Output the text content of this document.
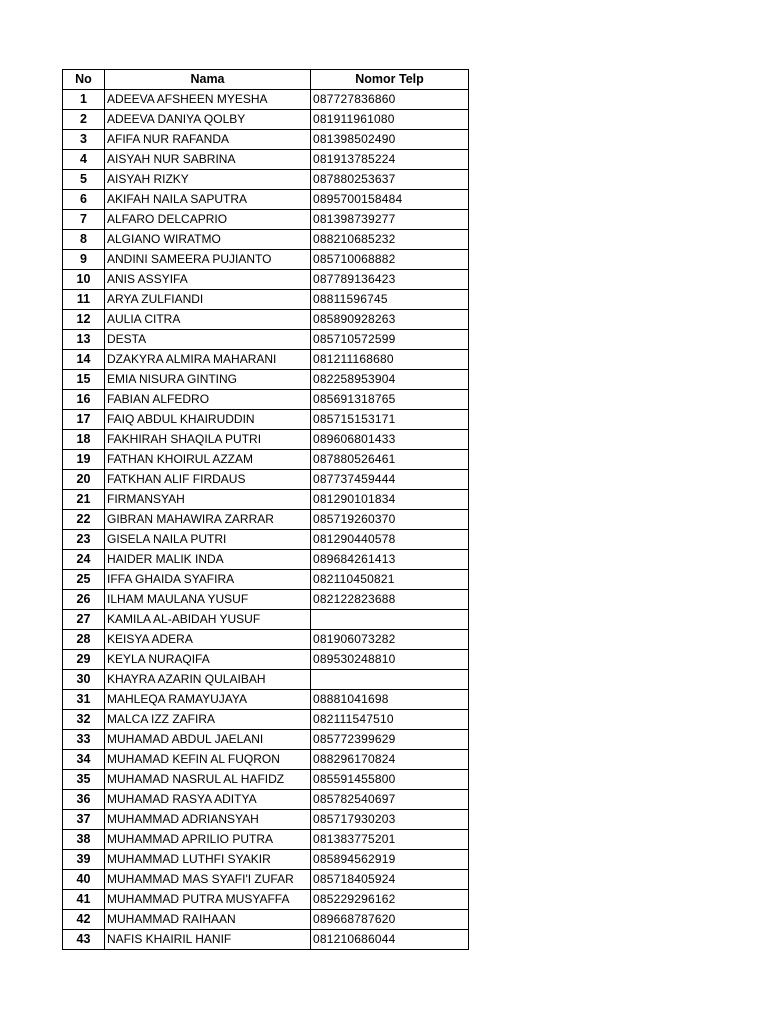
No	Nama	Nomor Telp
1	ADEEVA AFSHEEN MYESHA	087727836860
2	ADEEVA DANIYA QOLBY	081911961080
3	AFIFA NUR RAFANDA	081398502490
4	AISYAH NUR SABRINA	081913785224
5	AISYAH RIZKY	087880253637
6	AKIFAH NAILA SAPUTRA	0895700158484
7	ALFARO DELCAPRIO	081398739277
8	ALGIANO WIRATMO	088210685232
9	ANDINI SAMEERA PUJIANTO	085710068882
10	ANIS ASSYIFA	087789136423
11	ARYA ZULFIANDI	08811596745
12	AULIA CITRA	085890928263
13	DESTA	085710572599
14	DZAKYRA ALMIRA MAHARANI	081211168680
15	EMIA NISURA GINTING	082258953904
16	FABIAN ALFEDRO	085691318765
17	FAIQ ABDUL KHAIRUDDIN	085715153171
18	FAKHIRAH SHAQILA PUTRI	089606801433
19	FATHAN KHOIRUL AZZAM	087880526461
20	FATKHAN ALIF FIRDAUS	087737459444
21	FIRMANSYAH	081290101834
22	GIBRAN MAHAWIRA ZARRAR	085719260370
23	GISELA NAILA PUTRI	081290440578
24	HAIDER MALIK INDA	089684261413
25	IFFA GHAIDA SYAFIRA	082110450821
26	ILHAM MAULANA YUSUF	082122823688
27	KAMILA AL-ABIDAH YUSUF	
28	KEISYA ADERA	081906073282
29	KEYLA NURAQIFA	089530248810
30	KHAYRA AZARIN QULAIBAH	
31	MAHLEQA RAMAYUJAYA	08881041698
32	MALCA IZZ ZAFIRA	082111547510
33	MUHAMAD ABDUL JAELANI	085772399629
34	MUHAMAD KEFIN AL FUQRON	088296170824
35	MUHAMAD NASRUL AL HAFIDZ	085591455800
36	MUHAMAD RASYA ADITYA	085782540697
37	MUHAMMAD ADRIANSYAH	085717930203
38	MUHAMMAD APRILIO PUTRA	081383775201
39	MUHAMMAD LUTHFI SYAKIR	085894562919
40	MUHAMMAD MAS SYAFI'I ZUFAR	085718405924
41	MUHAMMAD PUTRA MUSYAFFA	085229296162
42	MUHAMMAD RAIHAAN	089668787620
43	NAFIS KHAIRIL HANIF	081210686044
